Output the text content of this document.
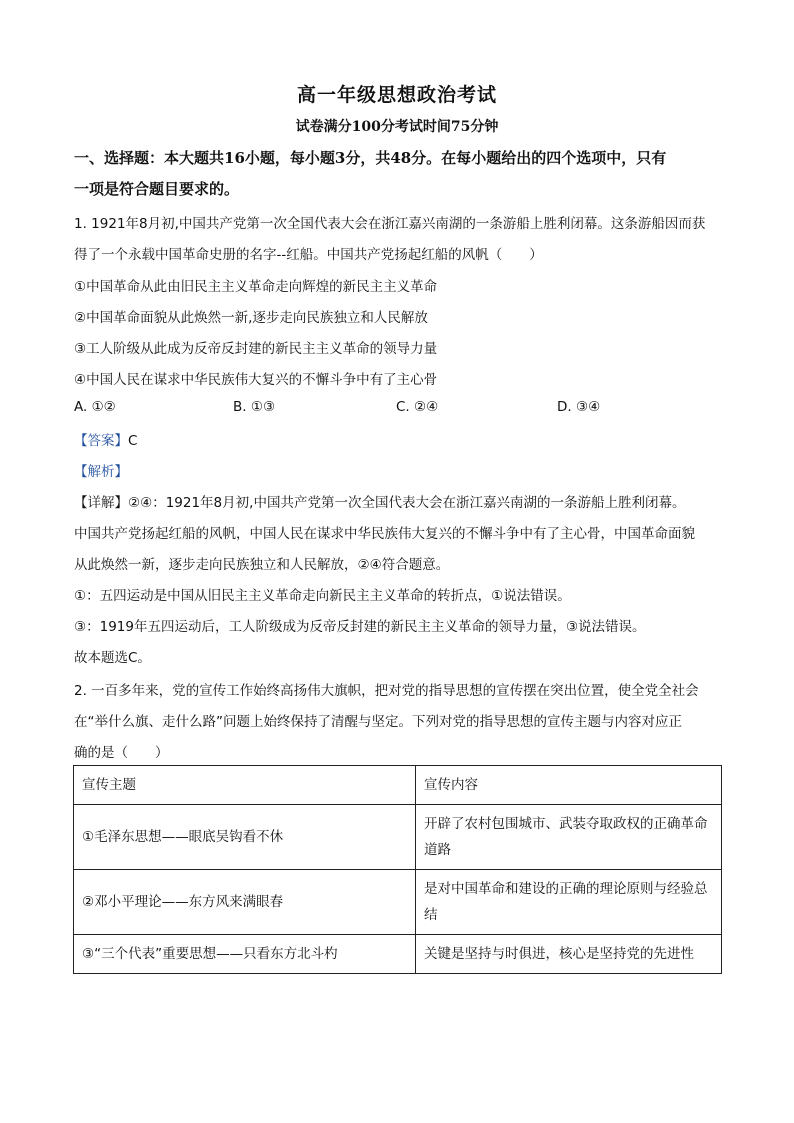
高一年级思想政治考试
试卷满分100分考试时间75分钟
一、选择题：本大题共16小题，每小题3分，共48分。在每小题给出的四个选项中，只有
一项是符合题目要求的。
1. 1921年8月初,中国共产党第一次全国代表大会在浙江嘉兴南湖的一条游船上胜利闭幕。这条游船因而获
得了一个永载中国革命史册的名字--红船。中国共产党扬起红船的风帆（　　）
①中国革命从此由旧民主主义革命走向辉煌的新民主主义革命
②中国革命面貌从此焕然一新,逐步走向民族独立和人民解放
③工人阶级从此成为反帝反封建的新民主主义革命的领导力量
④中国人民在谋求中华民族伟大复兴的不懈斗争中有了主心骨
A. ①②	B. ①③	C. ②④	D. ③④
【答案】C
【解析】
【详解】②④：1921年8月初,中国共产党第一次全国代表大会在浙江嘉兴南湖的一条游船上胜利闭幕。
中国共产党扬起红船的风帆，中国人民在谋求中华民族伟大复兴的不懈斗争中有了主心骨，中国革命面貌
从此焕然一新，逐步走向民族独立和人民解放，②④符合题意。
①：五四运动是中国从旧民主主义革命走向新民主主义革命的转折点，①说法错误。
③：1919年五四运动后，工人阶级成为反帝反封建的新民主主义革命的领导力量，③说法错误。
故本题选C。
2. 一百多年来，党的宣传工作始终高扬伟大旗帜，把对党的指导思想的宣传摆在突出位置，使全党全社会
在“举什么旗、走什么路”问题上始终保持了清醒与坚定。下列对党的指导思想的宣传主题与内容对应正
确的是（　　）
宣传主题	宣传内容
①毛泽东思想——眼底吴钩看不休	开辟了农村包围城市、武装夺取政权的正确革命道路
②邓小平理论——东方风来满眼春	是对中国革命和建设的正确的理论原则与经验总结
③“三个代表”重要思想——只看东方北斗杓	关键是坚持与时俱进，核心是坚持党的先进性
